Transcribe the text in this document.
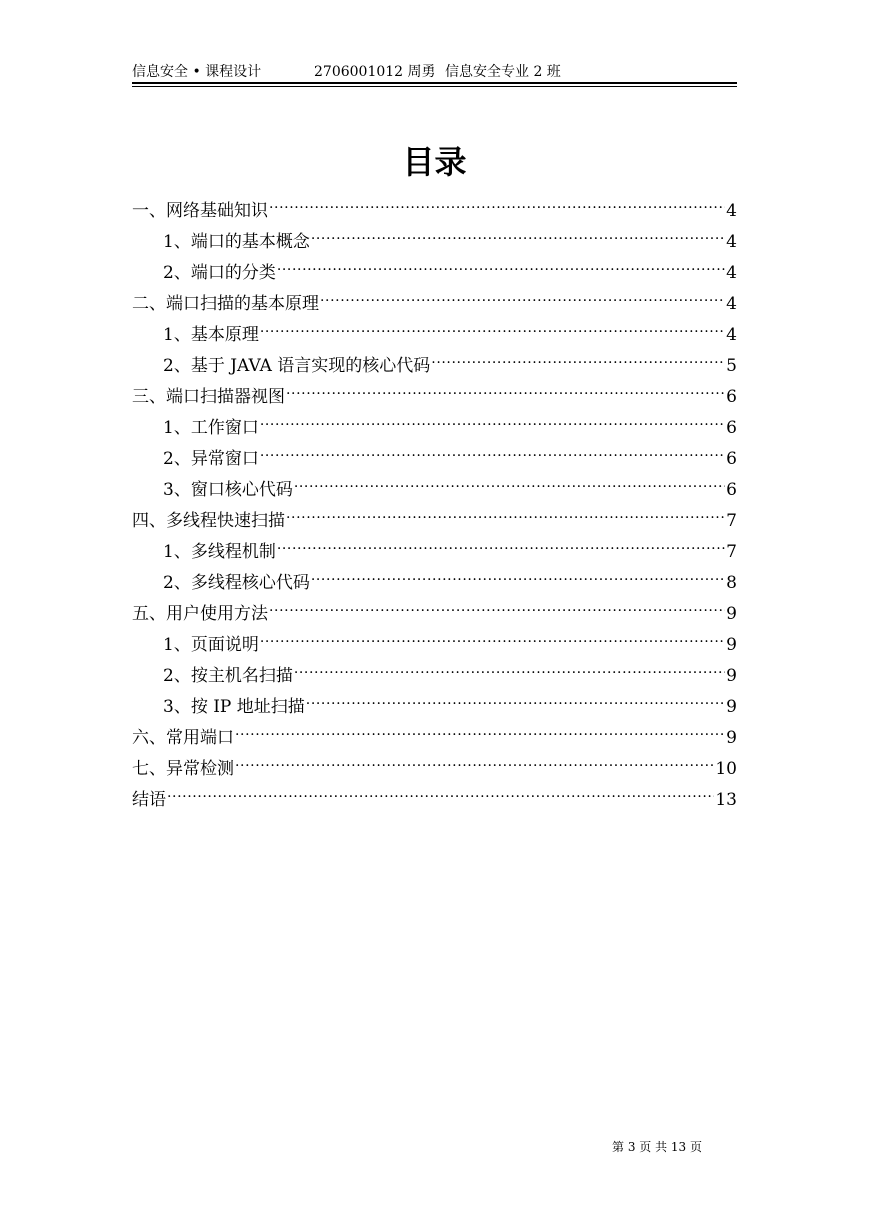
信息安全 • 课程设计	2706001012 周勇 信息安全专业 2 班
目录
一、网络基础知识 .....	4
1、端口的基本概念 .....	4
2、端口的分类 .....	4
二、端口扫描的基本原理 .....	4
1、基本原理 .....	4
2、基于 JAVA 语言实现的核心代码 .....	5
三、端口扫描器视图 .....	6
1、工作窗口 .....	6
2、异常窗口 .....	6
3、窗口核心代码 .....	6
四、多线程快速扫描 .....	7
1、多线程机制 .....	7
2、多线程核心代码 .....	8
五、用户使用方法 .....	9
1、页面说明 .....	9
2、按主机名扫描 .....	9
3、按 IP 地址扫描 .....	9
六、常用端口 .....	9
七、异常检测 .....	10
结语 .....	13
第 3 页 共 13 页
